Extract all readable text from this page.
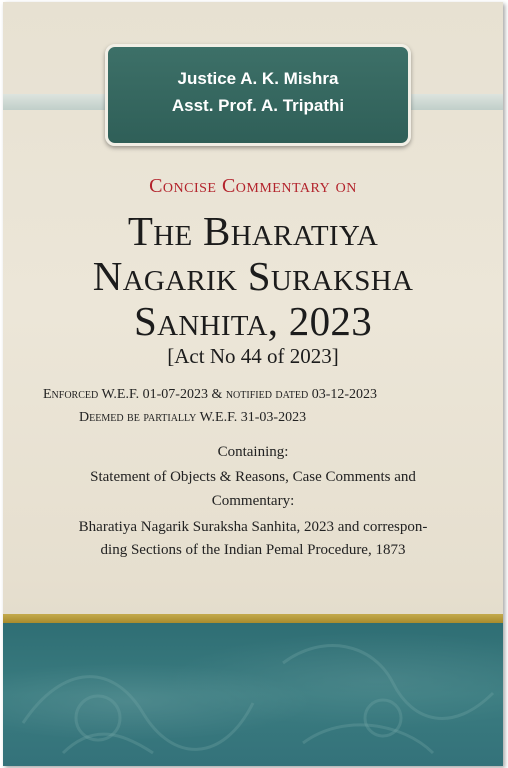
Justice A. K. Mishra
Asst. Prof. A. Tripathi
Concise Commentary on
The Bharatiya
Nagarik Suraksha
Sanhita, 2023
[Act No 44 of 2023]
Enforced W.E.F. 01-07-2023 & notified dated 03-12-2023
Deemed be partially W.E.F. 31-03-2023
Containing:
Statement of Objects & Reasons, Case Comments and
Commentary:
Bharatiya Nagarik Suraksha Sanhita, 2023 and correspon-
ding Sections of the Indian Pemal Procedure, 1873
